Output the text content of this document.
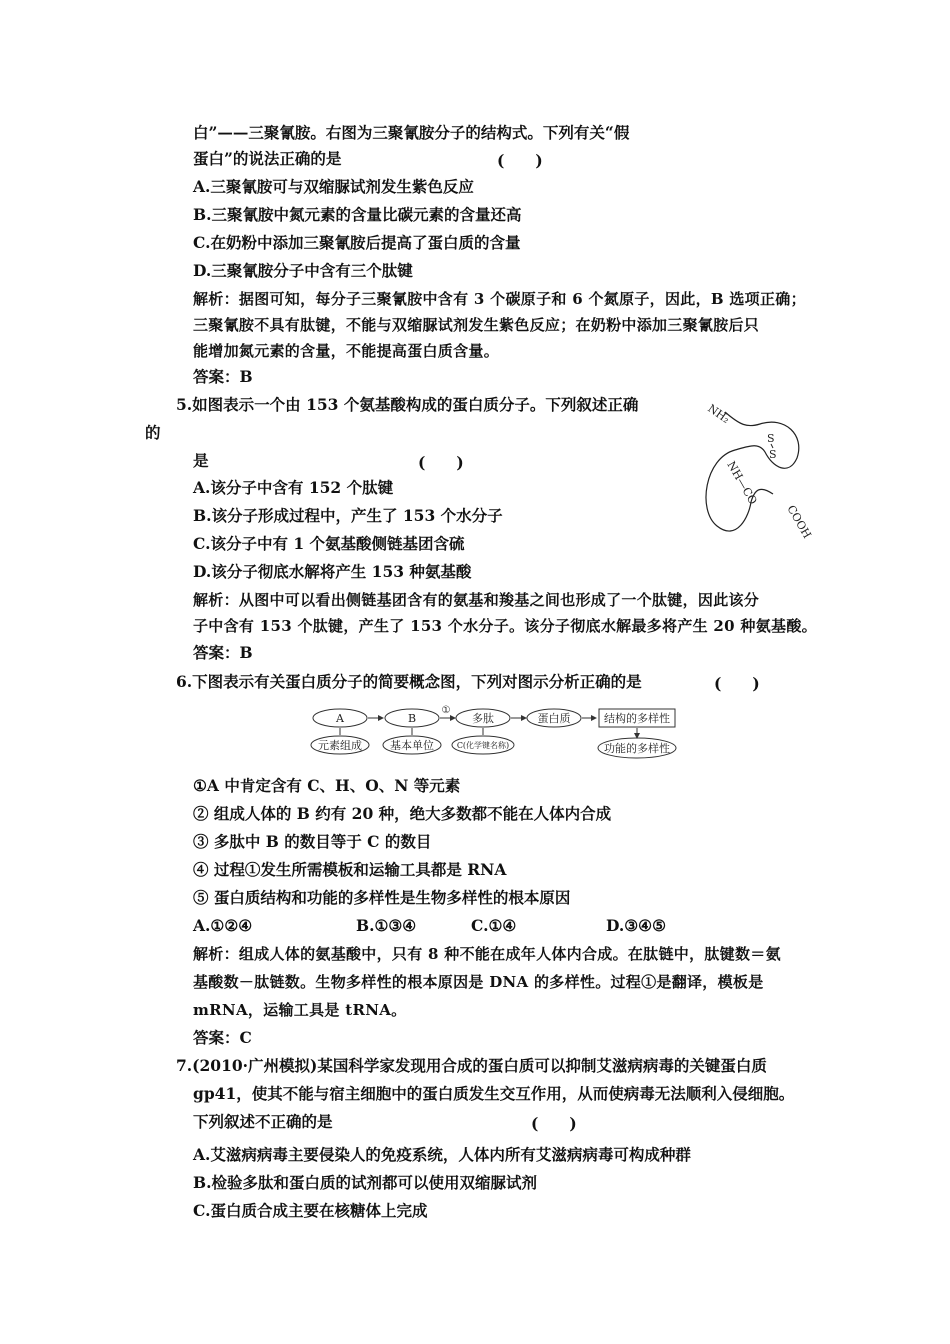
白”——三聚氰胺。右图为三聚氰胺分子的结构式。下列有关“假
蛋白”的说法正确的是	(　　)
A.三聚氰胺可与双缩脲试剂发生紫色反应
B.三聚氰胺中氮元素的含量比碳元素的含量还高
C.在奶粉中添加三聚氰胺后提高了蛋白质的含量
D.三聚氰胺分子中含有三个肽键
解析：据图可知，每分子三聚氰胺中含有 3 个碳原子和 6 个氮原子，因此，B 选项正确；
三聚氰胺不具有肽键，不能与双缩脲试剂发生紫色反应；在奶粉中添加三聚氰胺后只
能增加氮元素的含量，不能提高蛋白质含量。
答案：B
5.如图表示一个由 153 个氨基酸构成的蛋白质分子。下列叙述正确
的
是	(　　)
A.该分子中含有 152 个肽键
B.该分子形成过程中，产生了 153 个水分子
C.该分子中有 1 个氨基酸侧链基团含硫
D.该分子彻底水解将产生 153 种氨基酸
解析：从图中可以看出侧链基团含有的氨基和羧基之间也形成了一个肽键，因此该分
子中含有 153 个肽键，产生了 153 个水分子。该分子彻底水解最多将产生 20 种氨基酸。
答案：B
NH₂
S
S
NH—CO
COOH
6.下图表示有关蛋白质分子的简要概念图，下列对图示分析正确的是	(　　)
A	B
①
多肽	蛋白质	结构的多样性
元素组成	基本单位	C(化学键名称)	功能的多样性
①A 中肯定含有 C、H、O、N 等元素
② 组成人体的 B 约有 20 种，绝大多数都不能在人体内合成
③ 多肽中 B 的数目等于 C 的数目
④ 过程①发生所需模板和运输工具都是 RNA
⑤ 蛋白质结构和功能的多样性是生物多样性的根本原因
A.①②④	B.①③④	C.①④	D.③④⑤
解析：组成人体的氨基酸中，只有 8 种不能在成年人体内合成。在肽链中，肽键数＝氨
基酸数－肽链数。生物多样性的根本原因是 DNA 的多样性。过程①是翻译，模板是
mRNA，运输工具是 tRNA。
答案：C
7.(2010·广州模拟)某国科学家发现用合成的蛋白质可以抑制艾滋病病毒的关键蛋白质
gp41，使其不能与宿主细胞中的蛋白质发生交互作用，从而使病毒无法顺利入侵细胞。
下列叙述不正确的是	(　　)
A.艾滋病病毒主要侵染人的免疫系统，人体内所有艾滋病病毒可构成种群
B.检验多肽和蛋白质的试剂都可以使用双缩脲试剂
C.蛋白质合成主要在核糖体上完成
